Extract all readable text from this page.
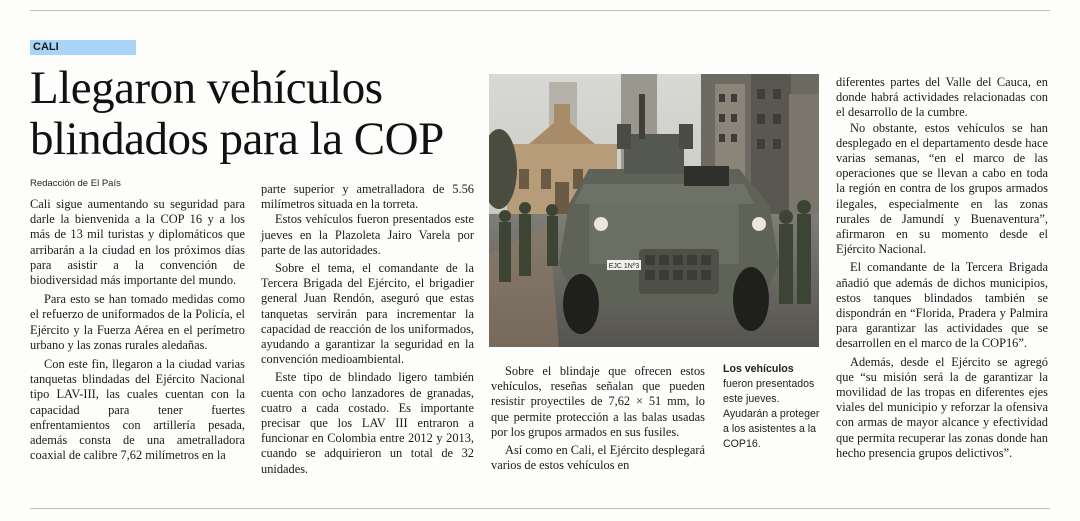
CALI
Llegaron vehículos
blindados para la COP
Redacción de El País

Cali sigue aumentando su seguridad para darle la bienvenida a la COP 16 y a los más de 13 mil turistas y diplomáticos que arribarán a la ciudad en los próximos días para asistir a la convención de biodiversidad más importante del mundo.

Para esto se han tomado medidas como el refuerzo de uniformados de la Policía, el Ejército y la Fuerza Aérea en el perímetro urbano y las zonas rurales aledañas.

Con este fin, llegaron a la ciudad varias tanquetas blindadas del Ejército Nacional tipo LAV-III, las cuales cuentan con la capacidad para tener fuertes enfrentamientos con artillería pesada, además consta de una ametralladora coaxial de calibre 7,62 milímetros en la

parte superior y ametralladora de 5.56 milímetros situada en la torreta.

Estos vehículos fueron presentados este jueves en la Plazoleta Jairo Varela por parte de las autoridades.

Sobre el tema, el comandante de la Tercera Brigada del Ejército, el brigadier general Juan Rendón, aseguró que estas tanquetas servirán para incrementar la capacidad de reacción de los uniformados, ayudando a garantizar la seguridad en la convención medioambiental.

Este tipo de blindado ligero también cuenta con ocho lanzadores de granadas, cuatro a cada costado. Es importante precisar que los LAV III entraron a funcionar en Colombia entre 2012 y 2013, cuando se adquirieron un total de 32 unidades.

EJC 1Nº3

Sobre el blindaje que ofrecen estos vehículos, reseñas señalan que pueden resistir proyectiles de 7,62 × 51 mm, lo que permite protección a las balas usadas por los grupos armados en sus fusiles.

Así como en Cali, el Ejército desplegará varios de estos vehículos en

Los vehículos fueron presentados este jueves. Ayudarán a proteger a los asistentes a la COP16.

diferentes partes del Valle del Cauca, en donde habrá actividades relacionadas con el desarrollo de la cumbre.

No obstante, estos vehículos se han desplegado en el departamento desde hace varias semanas, “en el marco de las operaciones que se llevan a cabo en toda la región en contra de los grupos armados ilegales, especialmente en las zonas rurales de Jamundí y Buenaventura”, afirmaron en su momento desde el Ejército Nacional.

El comandante de la Tercera Brigada añadió que además de dichos municipios, estos tanques blindados también se dispondrán en “Florida, Pradera y Palmira para garantizar las actividades que se desarrollen en el marco de la COP16”.

Además, desde el Ejército se agregó que “su misión será la de garantizar la movilidad de las tropas en diferentes ejes viales del municipio y reforzar la ofensiva con armas de mayor alcance y efectividad que permita recuperar las zonas donde han hecho presencia grupos delictivos”.
